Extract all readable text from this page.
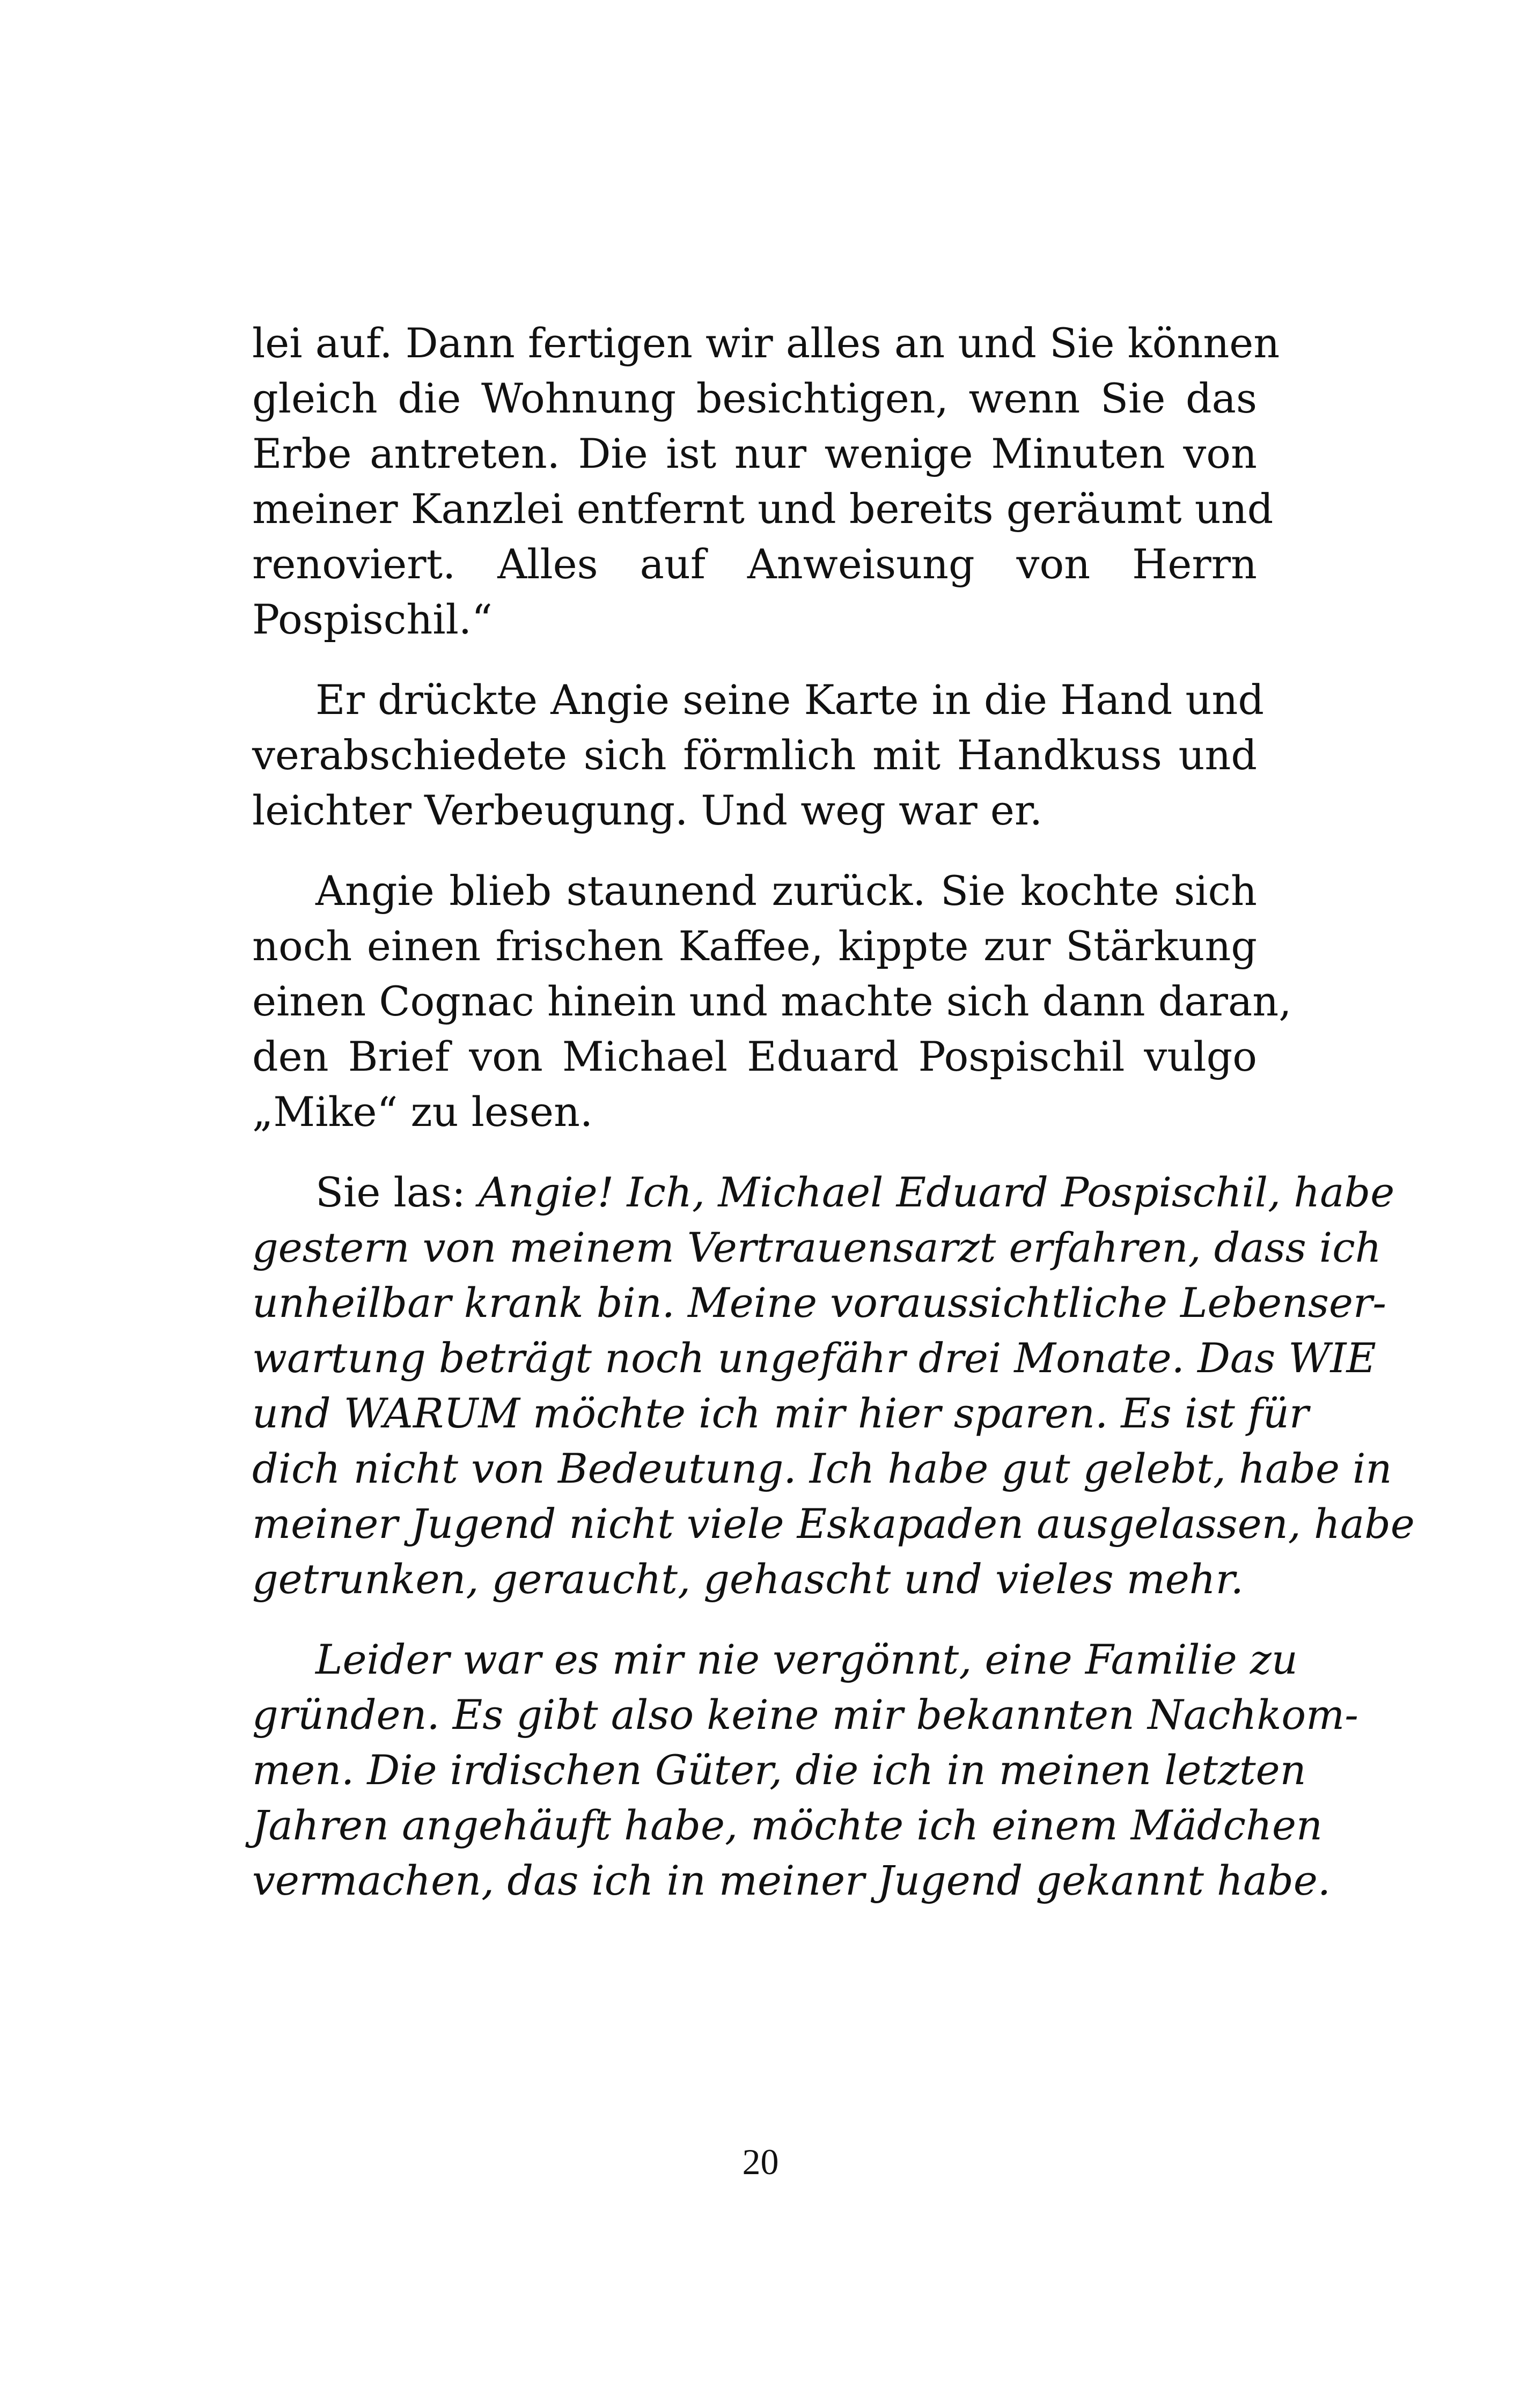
lei auf. Dann fertigen wir alles an und Sie können
gleich die Wohnung besichtigen, wenn Sie das
Erbe antreten. Die ist nur wenige Minuten von
meiner Kanzlei entfernt und bereits geräumt und
renoviert. Alles auf Anweisung von Herrn
Pospischil.“
Er drückte Angie seine Karte in die Hand und
verabschiedete sich förmlich mit Handkuss und
leichter Verbeugung. Und weg war er.
Angie blieb staunend zurück. Sie kochte sich
noch einen frischen Kaffee, kippte zur Stärkung
einen Cognac hinein und machte sich dann daran,
den Brief von Michael Eduard Pospischil vulgo
„Mike“ zu lesen.
Sie las: Angie! Ich, Michael Eduard Pospischil, habe
gestern von meinem Vertrauensarzt erfahren, dass ich
unheilbar krank bin. Meine voraussichtliche Lebenser-
wartung beträgt noch ungefähr drei Monate. Das WIE
und WARUM möchte ich mir hier sparen. Es ist für
dich nicht von Bedeutung. Ich habe gut gelebt, habe in
meiner Jugend nicht viele Eskapaden ausgelassen, habe
getrunken, geraucht, gehascht und vieles mehr.
Leider war es mir nie vergönnt, eine Familie zu
gründen. Es gibt also keine mir bekannten Nachkom-
men. Die irdischen Güter, die ich in meinen letzten
Jahren angehäuft habe, möchte ich einem Mädchen
vermachen, das ich in meiner Jugend gekannt habe.
20
